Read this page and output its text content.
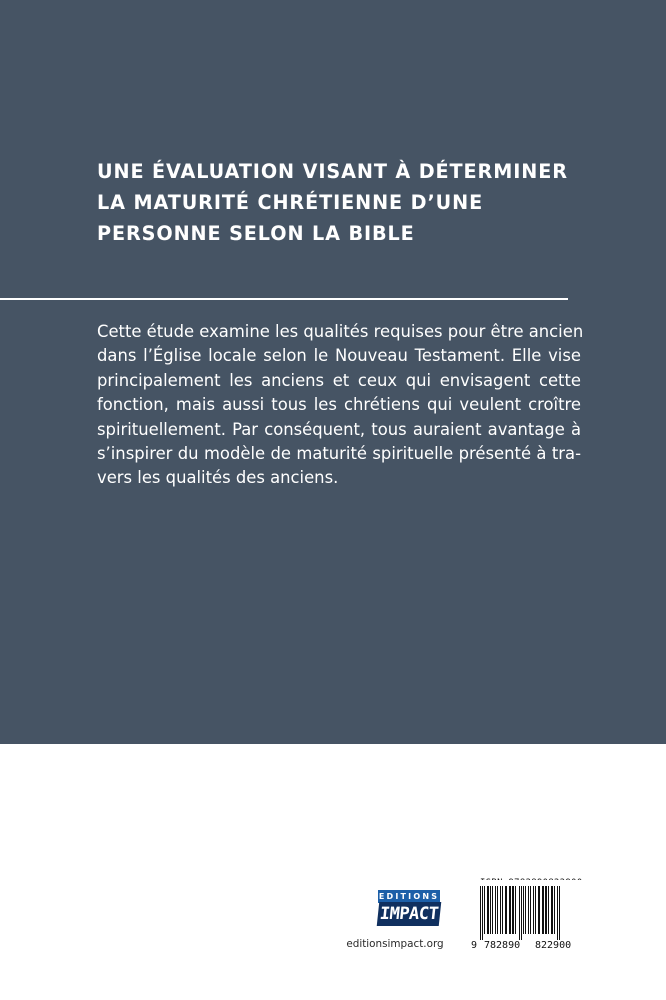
UNE ÉVALUATION VISANT À DÉTERMINER
LA MATURITÉ CHRÉTIENNE D’UNE
PERSONNE SELON LA BIBLE

Cette étude examine les qualités requises pour être ancien
dans l’Église locale selon le Nouveau Testament. Elle vise
principalement les anciens et ceux qui envisagent cette
fonction, mais aussi tous les chrétiens qui veulent croître
spirituellement. Par conséquent, tous auraient avantage à
s’inspirer du modèle de maturité spirituelle présenté à tra-
vers les qualités des anciens.

EDITIONS
IMPACT
editionsimpact.org	9 782890 822900
